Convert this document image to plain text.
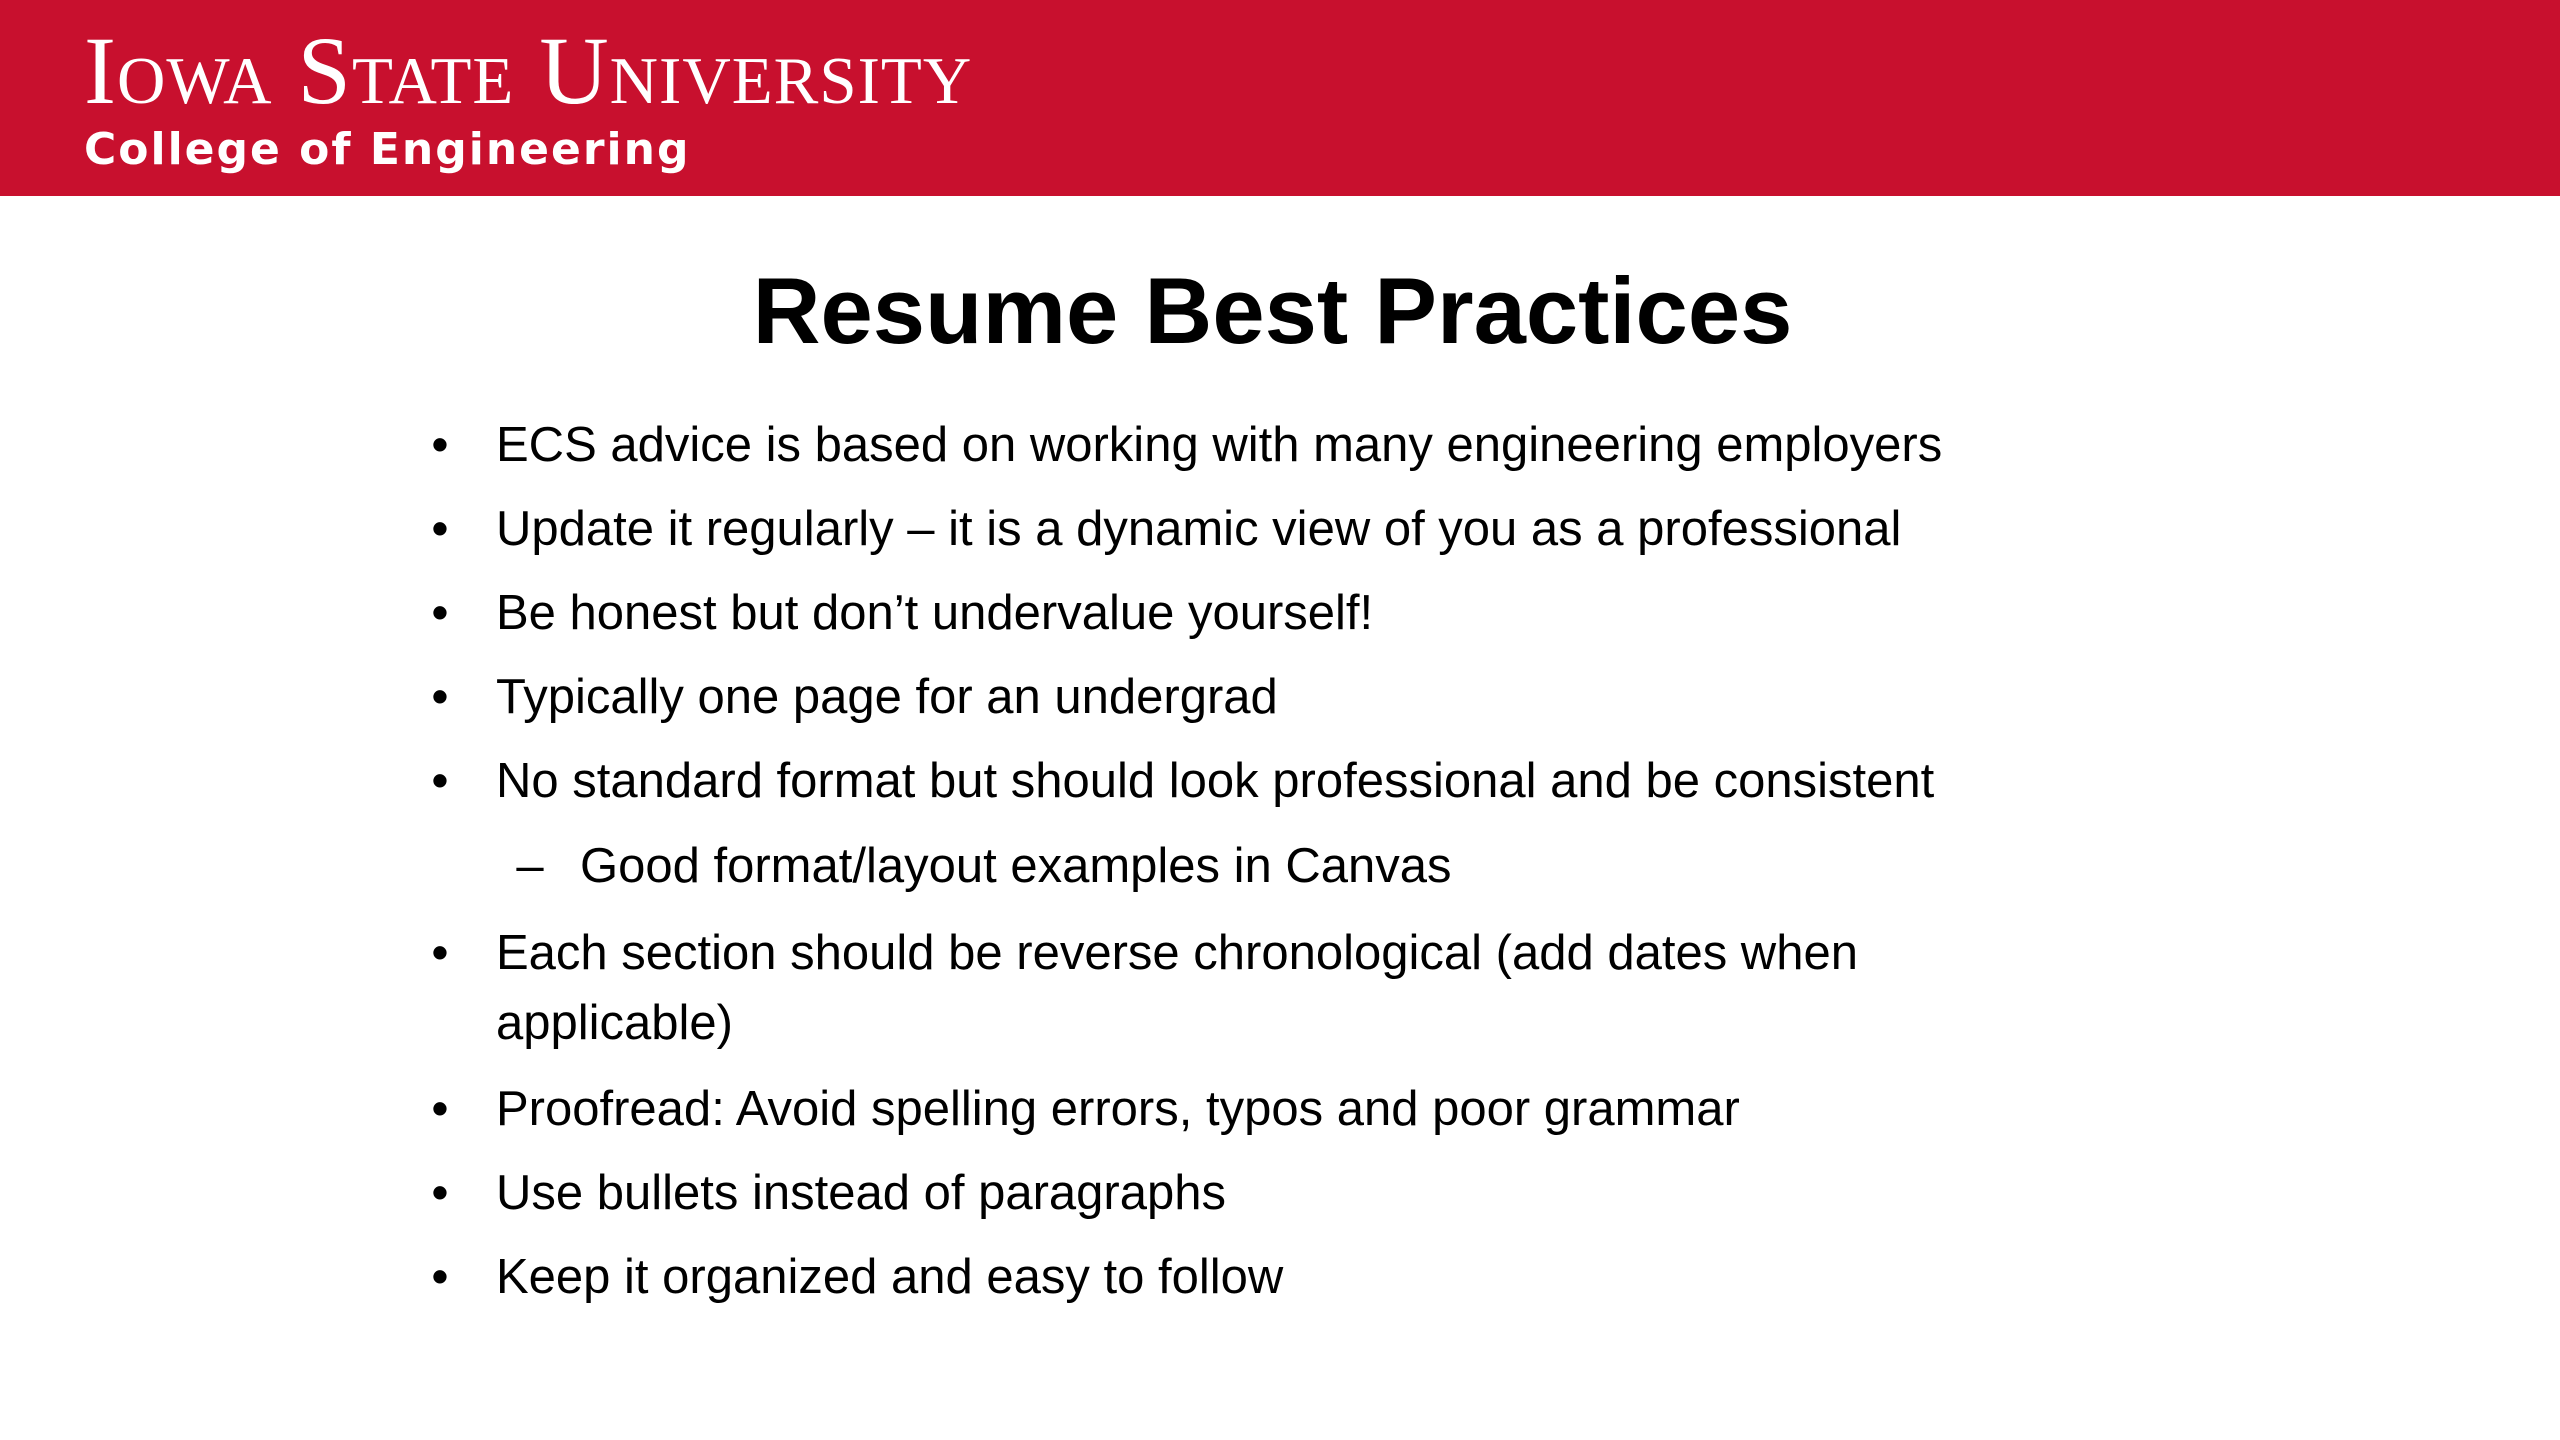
Iowa State University
College of Engineering
Resume Best Practices
• ECS advice is based on working with many engineering employers
• Update it regularly – it is a dynamic view of you as a professional
• Be honest but don’t undervalue yourself!
• Typically one page for an undergrad
• No standard format but should look professional and be consistent
– Good format/layout examples in Canvas
• Each section should be reverse chronological (add dates when applicable)
• Proofread: Avoid spelling errors, typos and poor grammar
• Use bullets instead of paragraphs
• Keep it organized and easy to follow
